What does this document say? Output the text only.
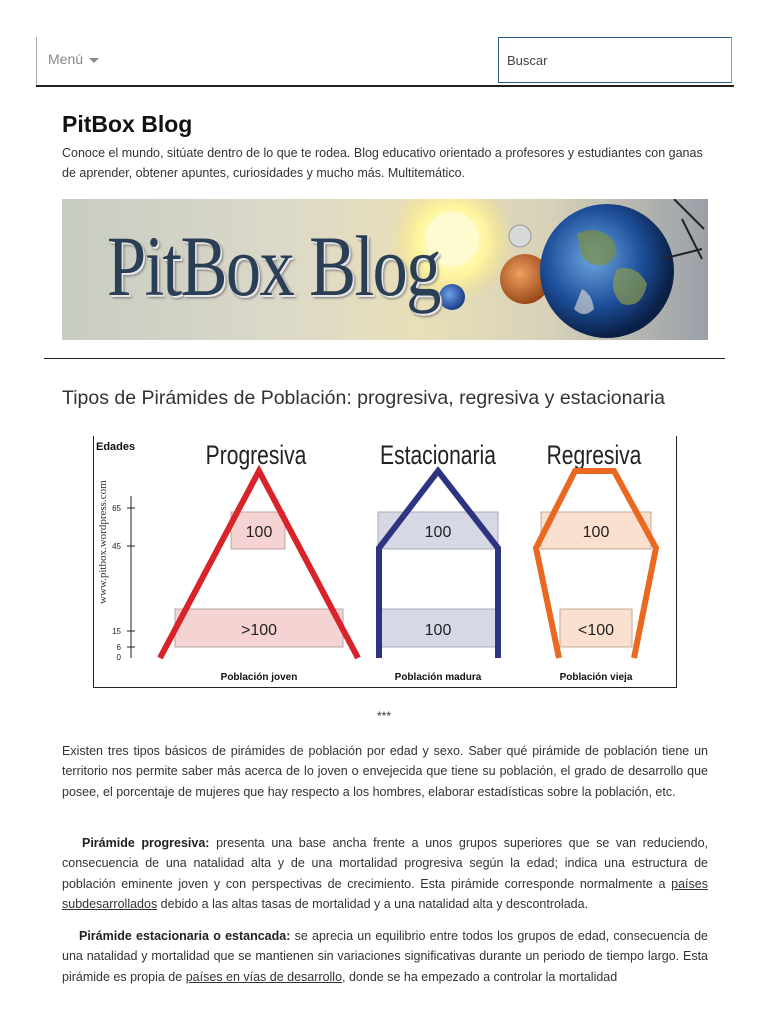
Menú
Buscar
PitBox Blog

Conoce el mundo, sitúate dentro de lo que te rodea. Blog educativo orientado a profesores y estudiantes con ganas de aprender, obtener apuntes, curiosidades y mucho más. Multitemático.

PitBox Blog
Tipos de Pirámides de Población: progresiva, regresiva y estacionaria
Edades
www.pitbox.wordpress.com 65
45
15
6
0
Progresiva
100
>100
Población joven
Estacionaria
100
100
Población madura
Regresiva
100
<100
Población vieja
***

Existen tres tipos básicos de pirámides de población por edad y sexo. Saber qué pirámide de población tiene un territorio nos permite saber más acerca de lo joven o envejecida que tiene su población, el grado de desarrollo que posee, el porcentaje de mujeres que hay respecto a los hombres, elaborar estadísticas sobre la población, etc.

Pirámide progresiva: presenta una base ancha frente a unos grupos superiores que se van reduciendo, consecuencia de una natalidad alta y de una mortalidad progresiva según la edad; indica una estructura de población eminente joven y con perspectivas de crecimiento. Esta pirámide corresponde normalmente a países subdesarrollados debido a las altas tasas de mortalidad y a una natalidad alta y descontrolada.

Pirámide estacionaria o estancada: se aprecia un equilibrio entre todos los grupos de edad, consecuencia de una natalidad y mortalidad que se mantienen sin variaciones significativas durante un periodo de tiempo largo. Esta pirámide es propia de países en vías de desarrollo, donde se ha empezado a controlar la mortalidad
